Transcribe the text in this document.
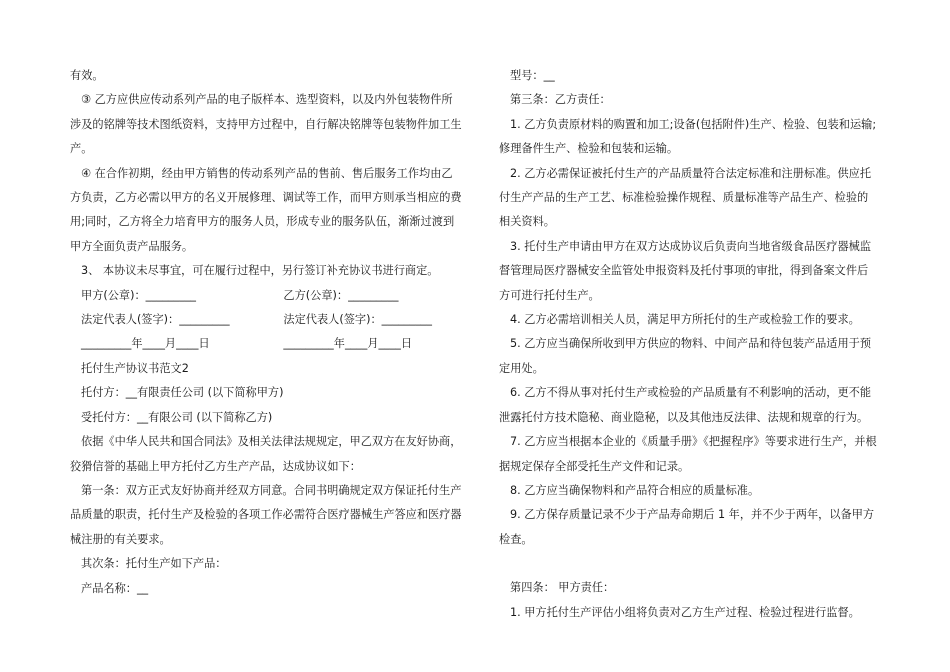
有效。

③ 乙方应供应传动系列产品的电子版样本、选型资料，以及内外包装物件所涉及的铭牌等技术图纸资料，支持甲方过程中，自行解决铭牌等包装物件加工生产。

④ 在合作初期，经由甲方销售的传动系列产品的售前、售后服务工作均由乙方负责，乙方必需以甲方的名义开展修理、调试等工作，而甲方则承当相应的费用;同时，乙方将全力培育甲方的服务人员，形成专业的服务队伍，渐渐过渡到甲方全面负责产品服务。

3、 本协议未尽事宜，可在履行过程中，另行签订补充协议书进行商定。

甲方(公章)：_________	乙方(公章)：_________
法定代表人(签字)：_________	法定代表人(签字)：_________
_________年____月____日	_________年____月____日

托付生产协议书范文2

托付方：__有限责任公司 (以下简称甲方)

受托付方：__有限公司 (以下简称乙方)

依据《中华人民共和国合同法》及相关法律法规规定，甲乙双方在友好协商，狡猾信誉的基础上甲方托付乙方生产产品，达成协议如下：

第一条：双方正式友好协商并经双方同意。合同书明确规定双方保证托付生产品质量的职责，托付生产及检验的各项工作必需符合医疗器械生产答应和医疗器械注册的有关要求。

其次条：托付生产如下产品：

产品名称：__

型号：__

第三条：乙方责任：

1. 乙方负责原材料的购置和加工;设备(包括附件)生产、检验、包装和运输;修理备件生产、检验和包装和运输。

2. 乙方必需保证被托付生产的产品质量符合法定标准和注册标准。供应托付生产产品的生产工艺、标准检验操作规程、质量标准等产品生产、检验的相关资料。

3. 托付生产申请由甲方在双方达成协议后负责向当地省级食品医疗器械监督管理局医疗器械安全监管处申报资料及托付事项的审批，得到备案文件后方可进行托付生产。

4. 乙方必需培训相关人员，满足甲方所托付的生产或检验工作的要求。

5. 乙方应当确保所收到甲方供应的物料、中间产品和待包装产品适用于预定用处。

6. 乙方不得从事对托付生产或检验的产品质量有不利影响的活动，更不能泄露托付方技术隐秘、商业隐秘，以及其他违反法律、法规和规章的行为。

7. 乙方应当根据本企业的《质量手册》《把握程序》等要求进行生产，并根据规定保存全部受托生产文件和记录。

8. 乙方应当确保物料和产品符合相应的质量标准。

9. 乙方保存质量记录不少于产品寿命期后 1 年，并不少于两年，以备甲方检查。

第四条： 甲方责任：

1. 甲方托付生产评估小组将负责对乙方生产过程、检验过程进行监督。
